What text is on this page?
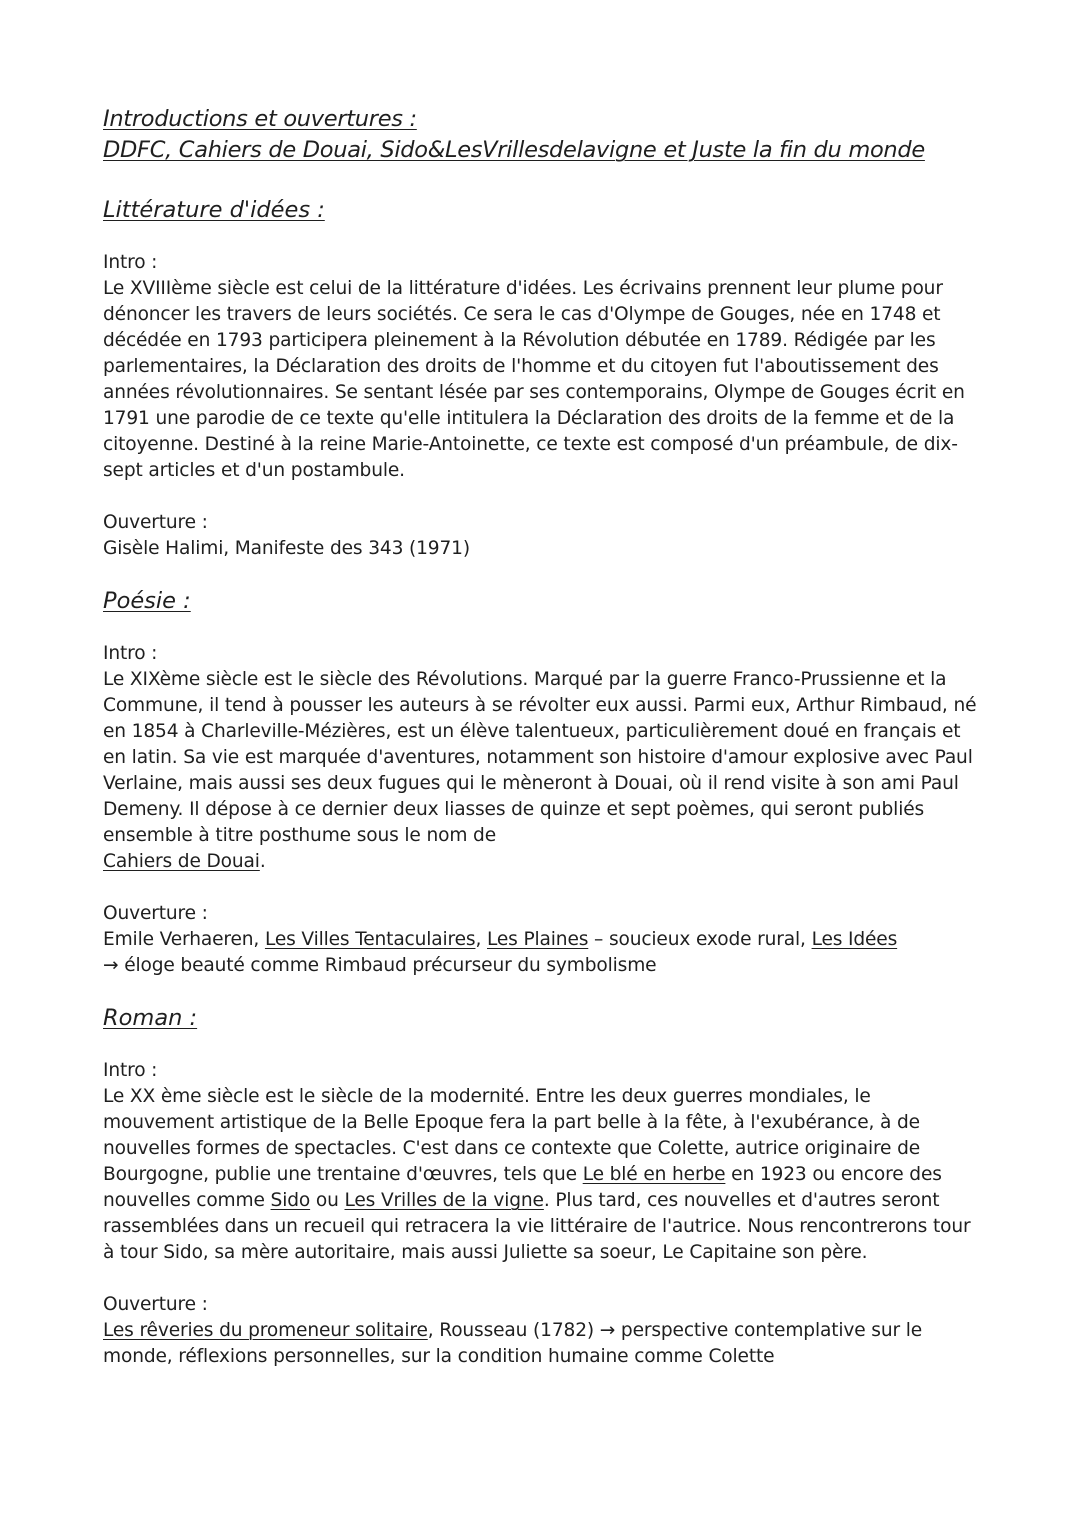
Introductions et ouvertures :
DDFC, Cahiers de Douai, Sido&LesVrillesdelavigne et Juste la fin du monde
Littérature d'idées :

Intro :

Le XVIIIème siècle est celui de la littérature d'idées. Les écrivains prennent leur plume pour dénoncer les travers de leurs sociétés. Ce sera le cas d'Olympe de Gouges, née en 1748 et décédée en 1793 participera pleinement à la Révolution débutée en 1789. Rédigée par les parlementaires, la Déclaration des droits de l'homme et du citoyen fut l'aboutissement des années révolutionnaires. Se sentant lésée par ses contemporains, Olympe de Gouges écrit en 1791 une parodie de ce texte qu'elle intitulera la Déclaration des droits de la femme et de la citoyenne. Destiné à la reine Marie-Antoinette, ce texte est composé d'un préambule, de dix-sept articles et d'un postambule.

Ouverture :

Gisèle Halimi, Manifeste des 343 (1971)

Poésie :

Intro :

Le XIXème siècle est le siècle des Révolutions. Marqué par la guerre Franco-Prussienne et la Commune, il tend à pousser les auteurs à se révolter eux aussi. Parmi eux, Arthur Rimbaud, né en 1854 à Charleville-Mézières, est un élève talentueux, particulièrement doué en français et en latin. Sa vie est marquée d'aventures, notamment son histoire d'amour explosive avec Paul Verlaine, mais aussi ses deux fugues qui le mèneront à Douai, où il rend visite à son ami Paul Demeny. Il dépose à ce dernier deux liasses de quinze et sept poèmes, qui seront publiés ensemble à titre posthume sous le nom de
Cahiers de Douai.

Ouverture :

Emile Verhaeren, Les Villes Tentaculaires, Les Plaines – soucieux exode rural, Les Idées
→ éloge beauté comme Rimbaud précurseur du symbolisme

Roman :

Intro :

Le XX ème siècle est le siècle de la modernité. Entre les deux guerres mondiales, le mouvement artistique de la Belle Epoque fera la part belle à la fête, à l'exubérance, à de nouvelles formes de spectacles. C'est dans ce contexte que Colette, autrice originaire de Bourgogne, publie une trentaine d'œuvres, tels que Le blé en herbe en 1923 ou encore des nouvelles comme Sido ou Les Vrilles de la vigne. Plus tard, ces nouvelles et d'autres seront rassemblées dans un recueil qui retracera la vie littéraire de l'autrice. Nous rencontrerons tour à tour Sido, sa mère autoritaire, mais aussi Juliette sa soeur, Le Capitaine son père.

Ouverture :

Les rêveries du promeneur solitaire, Rousseau (1782) → perspective contemplative sur le monde, réflexions personnelles, sur la condition humaine comme Colette
